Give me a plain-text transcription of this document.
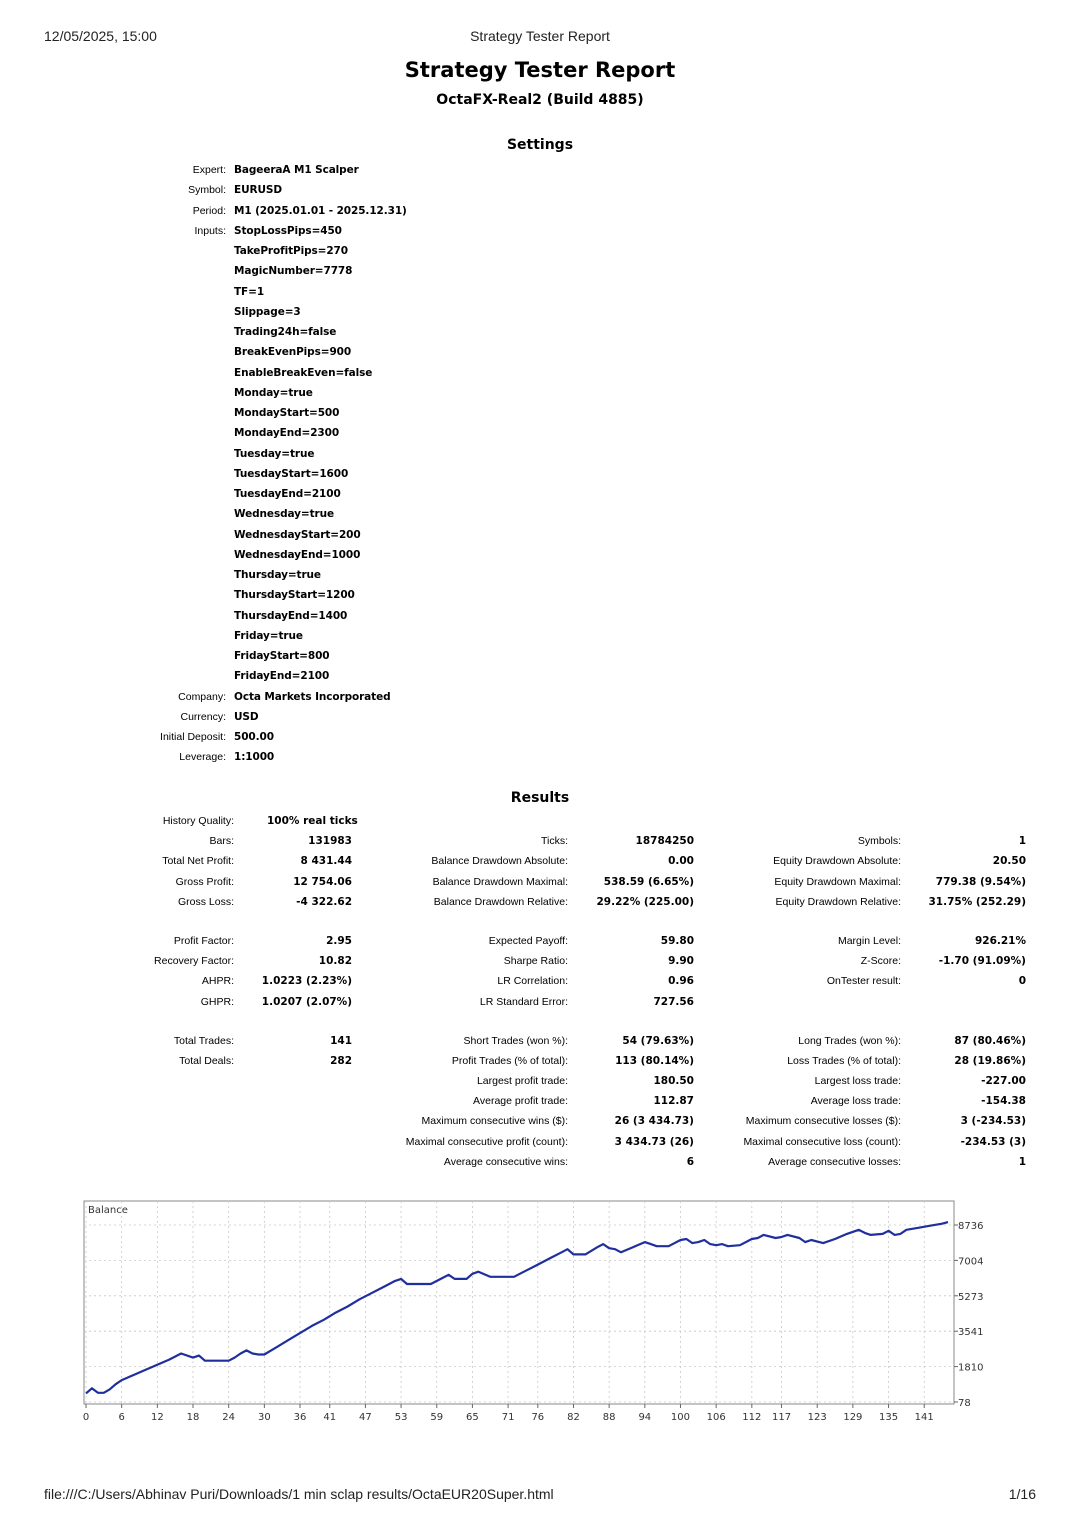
12/05/2025, 15:00	Strategy Tester Report
Strategy Tester Report
OctaFX-Real2 (Build 4885)
Settings
Expert: BageeraA M1 Scalper
Symbol: EURUSD
Period: M1 (2025.01.01 - 2025.12.31)
Inputs: StopLossPips=450
TakeProfitPips=270
MagicNumber=7778
TF=1
Slippage=3
Trading24h=false
BreakEvenPips=900
EnableBreakEven=false
Monday=true
MondayStart=500
MondayEnd=2300
Tuesday=true
TuesdayStart=1600
TuesdayEnd=2100
Wednesday=true
WednesdayStart=200
WednesdayEnd=1000
Thursday=true
ThursdayStart=1200
ThursdayEnd=1400
Friday=true
FridayStart=800
FridayEnd=2100
Company: Octa Markets Incorporated
Currency: USD
Initial Deposit: 500.00
Leverage: 1:1000
Results
History Quality:	100% real ticks
Bars:	131983	Ticks:	18784250	Symbols:	1
Total Net Profit:	8 431.44	Balance Drawdown Absolute:	0.00	Equity Drawdown Absolute:	20.50
Gross Profit:	12 754.06	Balance Drawdown Maximal:	538.59 (6.65%)	Equity Drawdown Maximal:	779.38 (9.54%)
Gross Loss:	-4 322.62	Balance Drawdown Relative:	29.22% (225.00)	Equity Drawdown Relative:	31.75% (252.29)
Profit Factor:	2.95	Expected Payoff:	59.80	Margin Level:	926.21%
Recovery Factor:	10.82	Sharpe Ratio:	9.90	Z-Score:	-1.70 (91.09%)
AHPR:	1.0223 (2.23%)	LR Correlation:	0.96	OnTester result:	0
GHPR:	1.0207 (2.07%)	LR Standard Error:	727.56
Total Trades:	141	Short Trades (won %):	54 (79.63%)	Long Trades (won %):	87 (80.46%)
Total Deals:	282	Profit Trades (% of total):	113 (80.14%)	Loss Trades (% of total):	28 (19.86%)
Largest profit trade:	180.50	Largest loss trade:	-227.00
Average profit trade:	112.87	Average loss trade:	-154.38
Maximum consecutive wins ($):	26 (3 434.73)	Maximum consecutive losses ($):	3 (-234.53)
Maximal consecutive profit (count):	3 434.73 (26)	Maximal consecutive loss (count):	-234.53 (3)
Average consecutive wins:	6	Average consecutive losses:	1
0	6	12 18 24 30 36 41 47 53 59 65 71 76 82 88 94 100 106 112 117 123 129 135 141
78
1810
3541
5273
7004
8736
Balance
file:///C:/Users/Abhinav Puri/Downloads/1 min sclap results/OctaEUR20Super.html	1/16
